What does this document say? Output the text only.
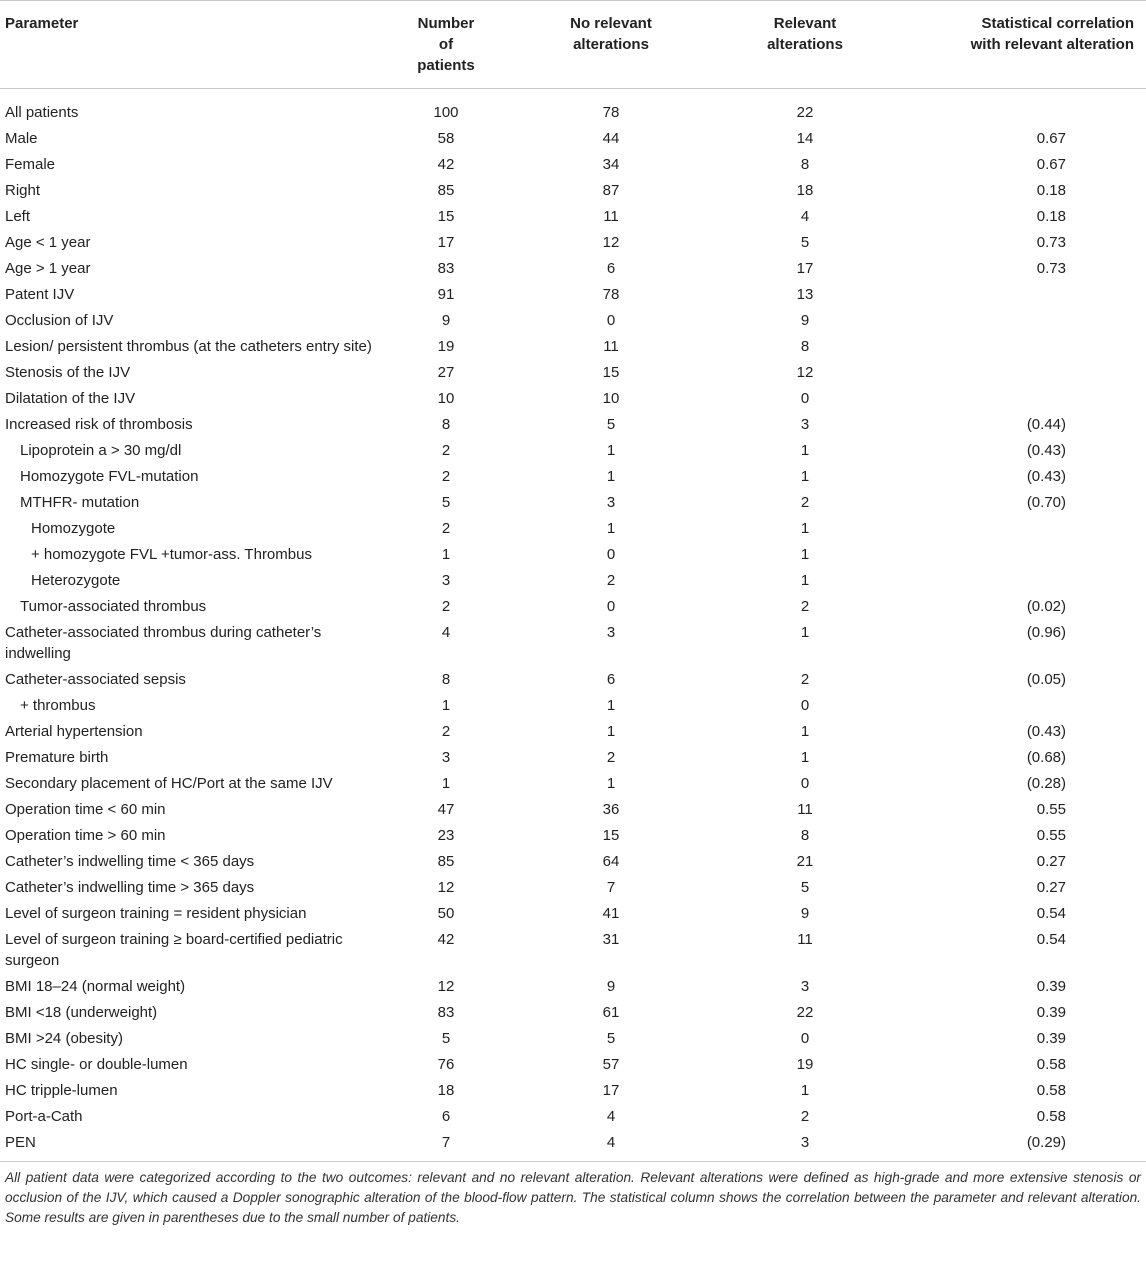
Parameter	Number of patients	No relevant alterations	Relevant alterations	Statistical correlation with relevant alteration
All patients	100	78	22	
Male	58	44	14	0.67
Female	42	34	8	0.67
Right	85	87	18	0.18
Left	15	11	4	0.18
Age < 1 year	17	12	5	0.73
Age > 1 year	83	6	17	0.73
Patent IJV	91	78	13	
Occlusion of IJV	9	0	9	
Lesion/ persistent thrombus (at the catheters entry site)	19	11	8	
Stenosis of the IJV	27	15	12	
Dilatation of the IJV	10	10	0	
Increased risk of thrombosis	8	5	3	(0.44)
Lipoprotein a > 30 mg/dl	2	1	1	(0.43)
Homozygote FVL-mutation	2	1	1	(0.43)
MTHFR- mutation	5	3	2	(0.70)
Homozygote	2	1	1	
+ homozygote FVL +tumor-ass. Thrombus	1	0	1	
Heterozygote	3	2	1	
Tumor-associated thrombus	2	0	2	(0.02)
Catheter-associated thrombus during catheter’s indwelling	4	3	1	(0.96)
Catheter-associated sepsis	8	6	2	(0.05)
+ thrombus	1	1	0	
Arterial hypertension	2	1	1	(0.43)
Premature birth	3	2	1	(0.68)
Secondary placement of HC/Port at the same IJV	1	1	0	(0.28)
Operation time < 60 min	47	36	11	0.55
Operation time > 60 min	23	15	8	0.55
Catheter’s indwelling time < 365 days	85	64	21	0.27
Catheter’s indwelling time > 365 days	12	7	5	0.27
Level of surgeon training = resident physician	50	41	9	0.54
Level of surgeon training ≥ board-certified pediatric surgeon	42	31	11	0.54
BMI 18–24 (normal weight)	12	9	3	0.39
BMI <18 (underweight)	83	61	22	0.39
BMI >24 (obesity)	5	5	0	0.39
HC single- or double-lumen	76	57	19	0.58
HC tripple-lumen	18	17	1	0.58
Port-a-Cath	6	4	2	0.58
PEN	7	4	3	(0.29)
All patient data were categorized according to the two outcomes: relevant and no relevant alteration. Relevant alterations were defined as high-grade and more extensive stenosis or occlusion of the IJV, which caused a Doppler sonographic alteration of the blood-flow pattern. The statistical column shows the correlation between the parameter and relevant alteration. Some results are given in parentheses due to the small number of patients.
